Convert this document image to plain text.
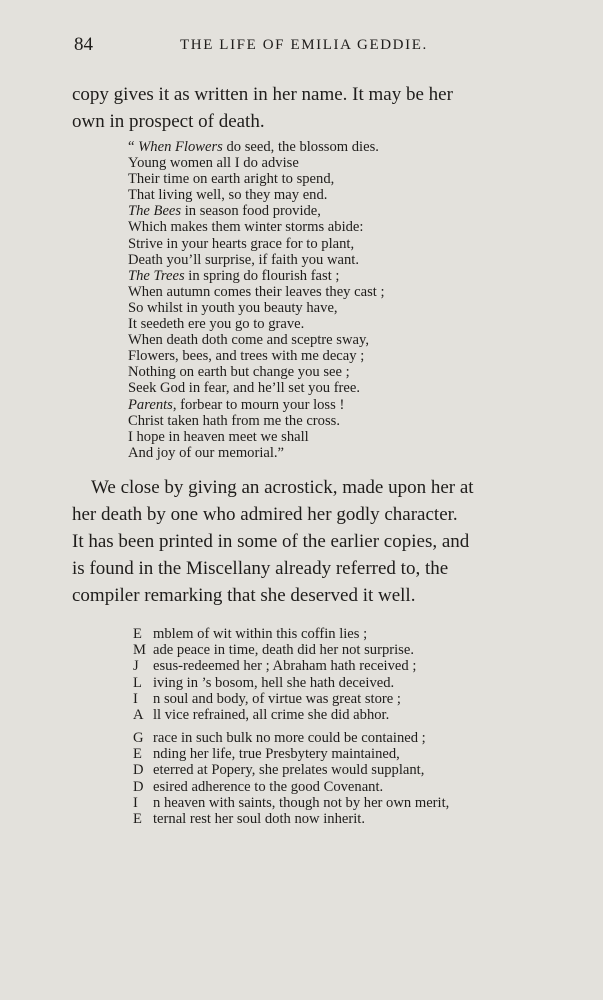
84	THE LIFE OF EMILIA GEDDIE.

copy gives it as written in her name. It may be her
own in prospect of death.

“ When Flowers do seed, the blossom dies.
Young women all I do advise
Their time on earth aright to spend,
That living well, so they may end.
The Bees in season food provide,
Which makes them winter storms abide:
Strive in your hearts grace for to plant,
Death you’ll surprise, if faith you want.
The Trees in spring do flourish fast ;
When autumn comes their leaves they cast ;
So whilst in youth you beauty have,
It seedeth ere you go to grave.
When death doth come and sceptre sway,
Flowers, bees, and trees with me decay ;
Nothing on earth but change you see ;
Seek God in fear, and he’ll set you free.
Parents, forbear to mourn your loss !
Christ taken hath from me the cross.
I hope in heaven meet we shall
And joy of our memorial.”

 We close by giving an acrostick, made upon her at
her death by one who admired her godly character.
It has been printed in some of the earlier copies, and
is found in the Miscellany already referred to, the
compiler remarking that she deserved it well.

E mblem of wit within this coffin lies ;
M ade peace in time, death did her not surprise.
J esus-redeemed her ; Abraham hath received ;
L iving in ’s bosom, hell she hath deceived.
I n soul and body, of virtue was great store ;
A ll vice refrained, all crime she did abhor.
G race in such bulk no more could be contained ;
E nding her life, true Presbytery maintained,
D eterred at Popery, she prelates would supplant,
D esired adherence to the good Covenant.
I n heaven with saints, though not by her own merit,
E ternal rest her soul doth now inherit.
